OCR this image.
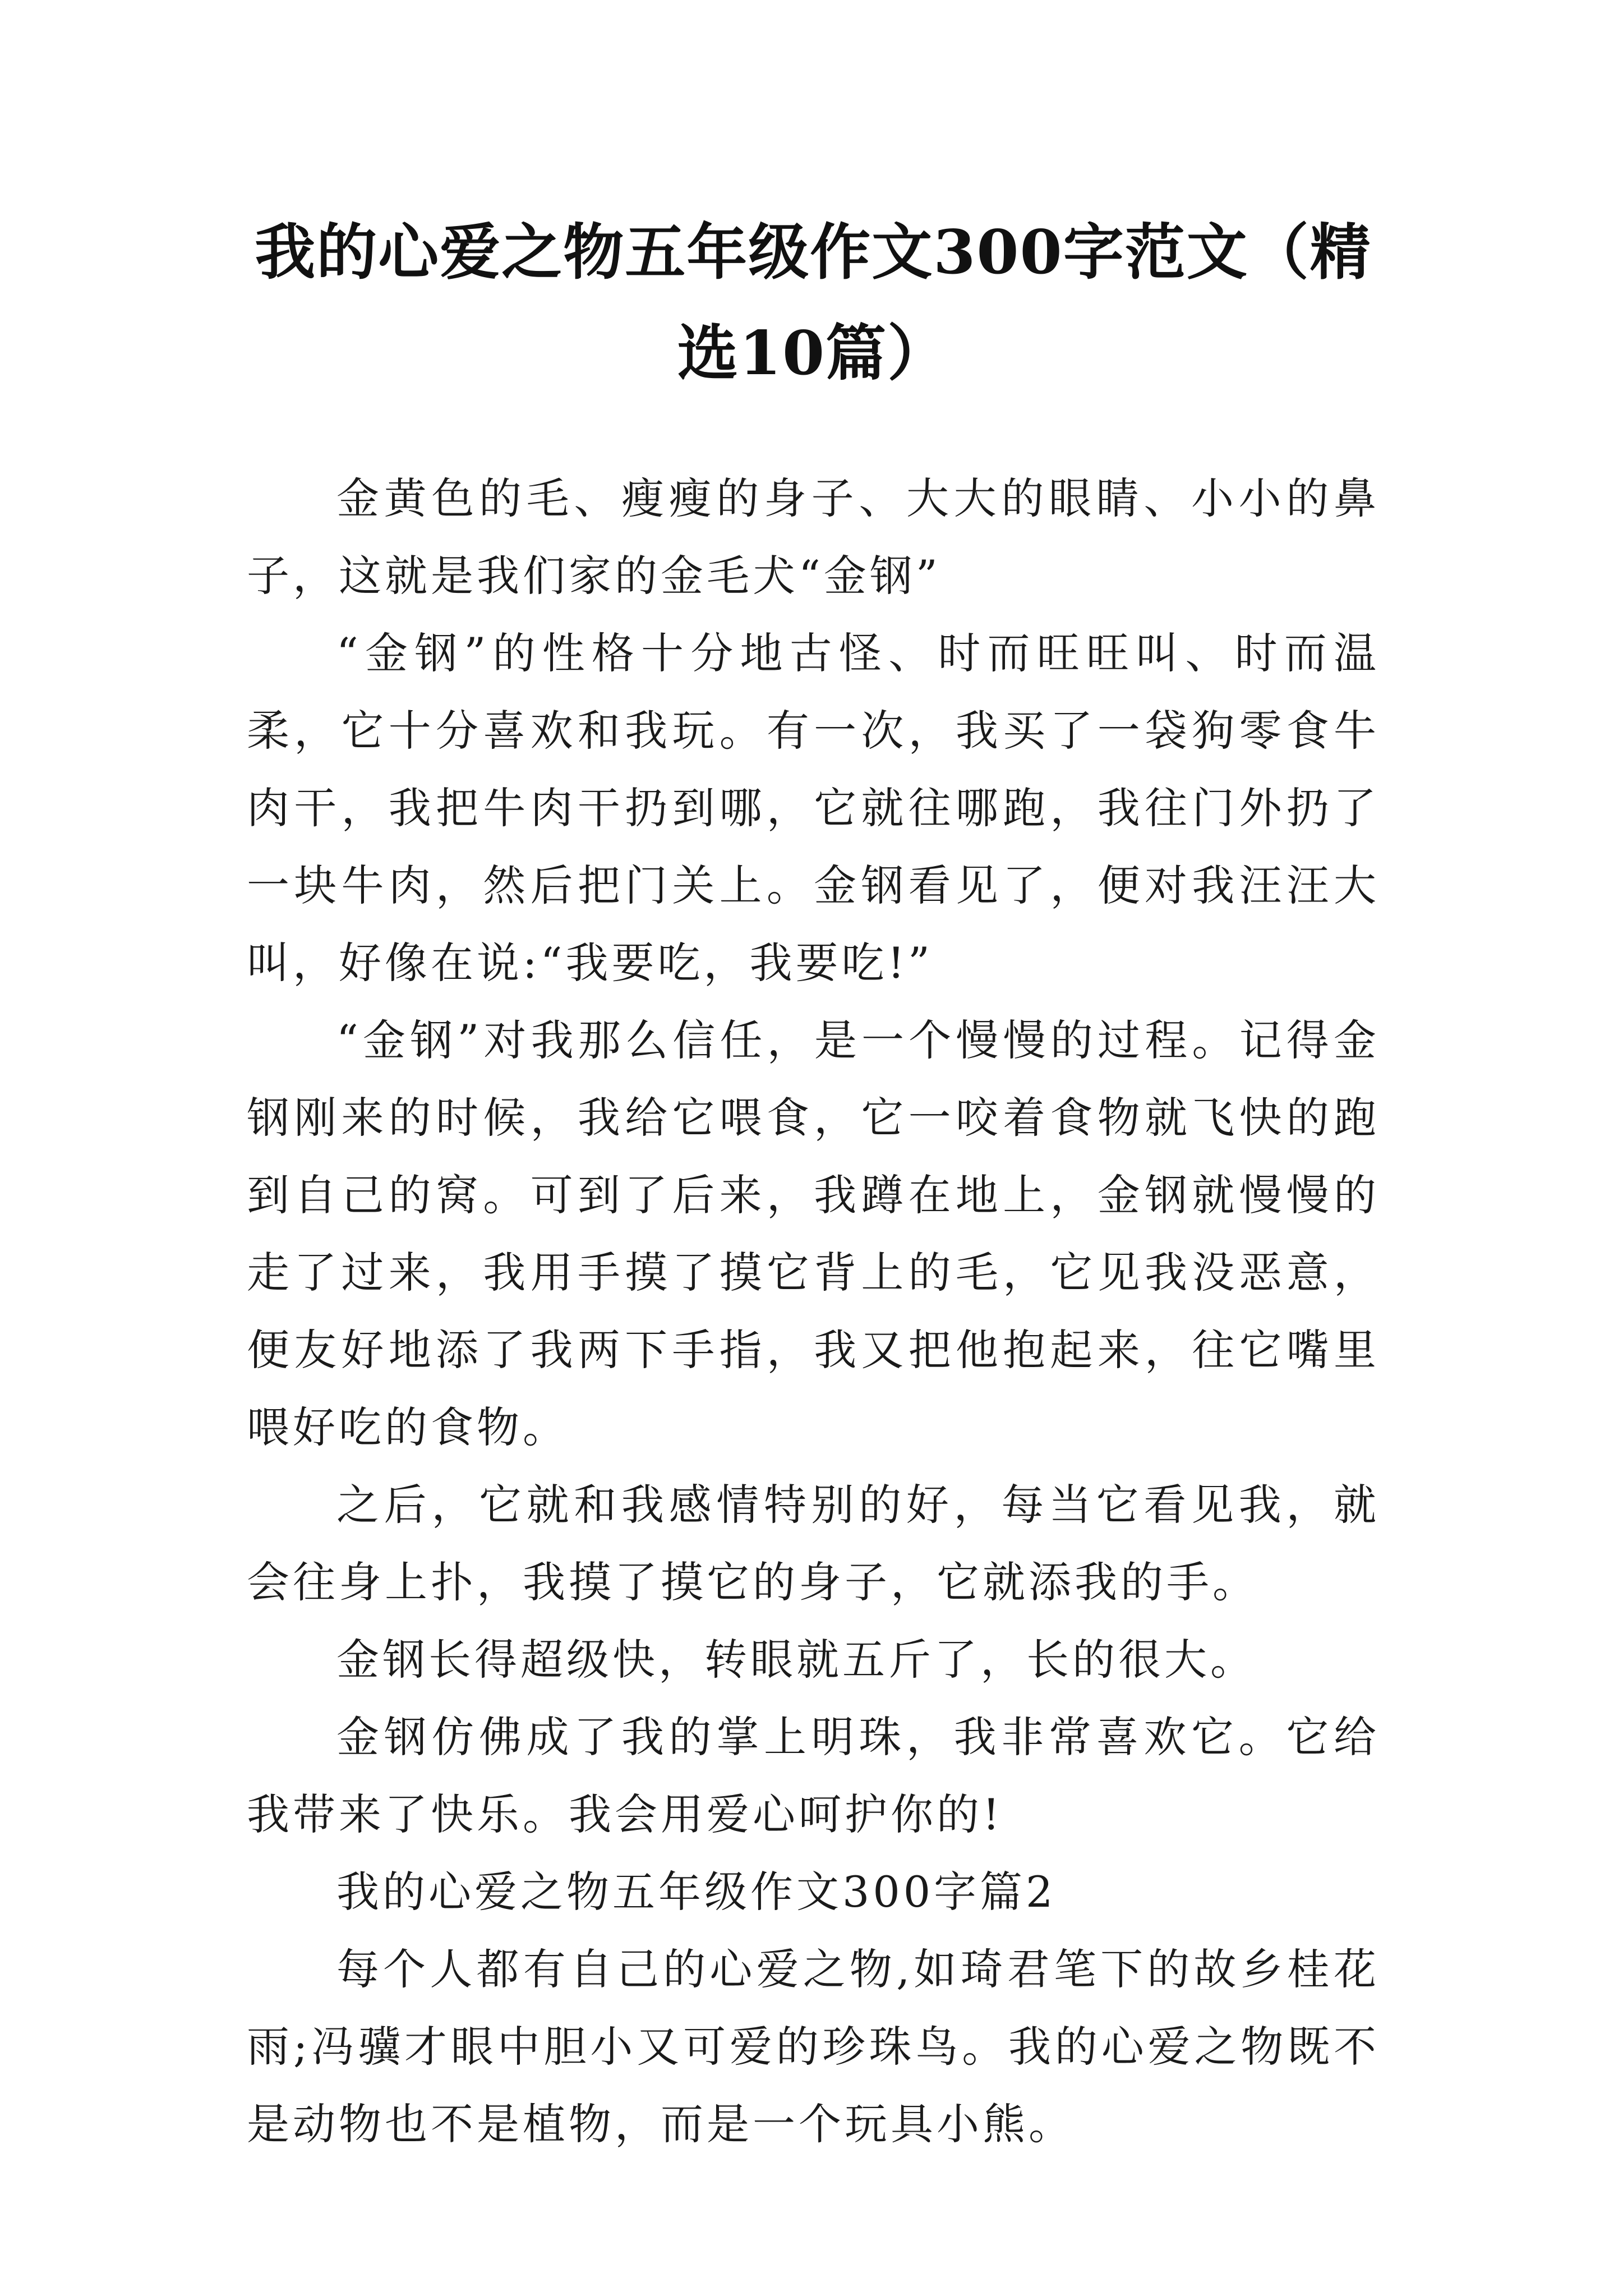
我的心爱之物五年级作文300字范文（精选10篇）

金黄色的毛、瘦瘦的身子、大大的眼睛、小小的鼻子，这就是我们家的金毛犬“金钢”

“金钢”的性格十分地古怪、时而旺旺叫、时而温柔，它十分喜欢和我玩。有一次，我买了一袋狗零食牛肉干，我把牛肉干扔到哪，它就往哪跑，我往门外扔了一块牛肉，然后把门关上。金钢看见了，便对我汪汪大叫，好像在说:“我要吃，我要吃!”

“金钢”对我那么信任，是一个慢慢的过程。记得金钢刚来的时候，我给它喂食，它一咬着食物就飞快的跑到自己的窝。可到了后来，我蹲在地上，金钢就慢慢的走了过来，我用手摸了摸它背上的毛，它见我没恶意，便友好地添了我两下手指，我又把他抱起来，往它嘴里喂好吃的食物。

之后，它就和我感情特别的好，每当它看见我，就会往身上扑，我摸了摸它的身子，它就添我的手。

金钢长得超级快，转眼就五斤了，长的很大。

金钢仿佛成了我的掌上明珠，我非常喜欢它。它给我带来了快乐。我会用爱心呵护你的!

我的心爱之物五年级作文300字篇2

每个人都有自己的心爱之物,如琦君笔下的故乡桂花雨;冯骥才眼中胆小又可爱的珍珠鸟。我的心爱之物既不是动物也不是植物，而是一个玩具小熊。
